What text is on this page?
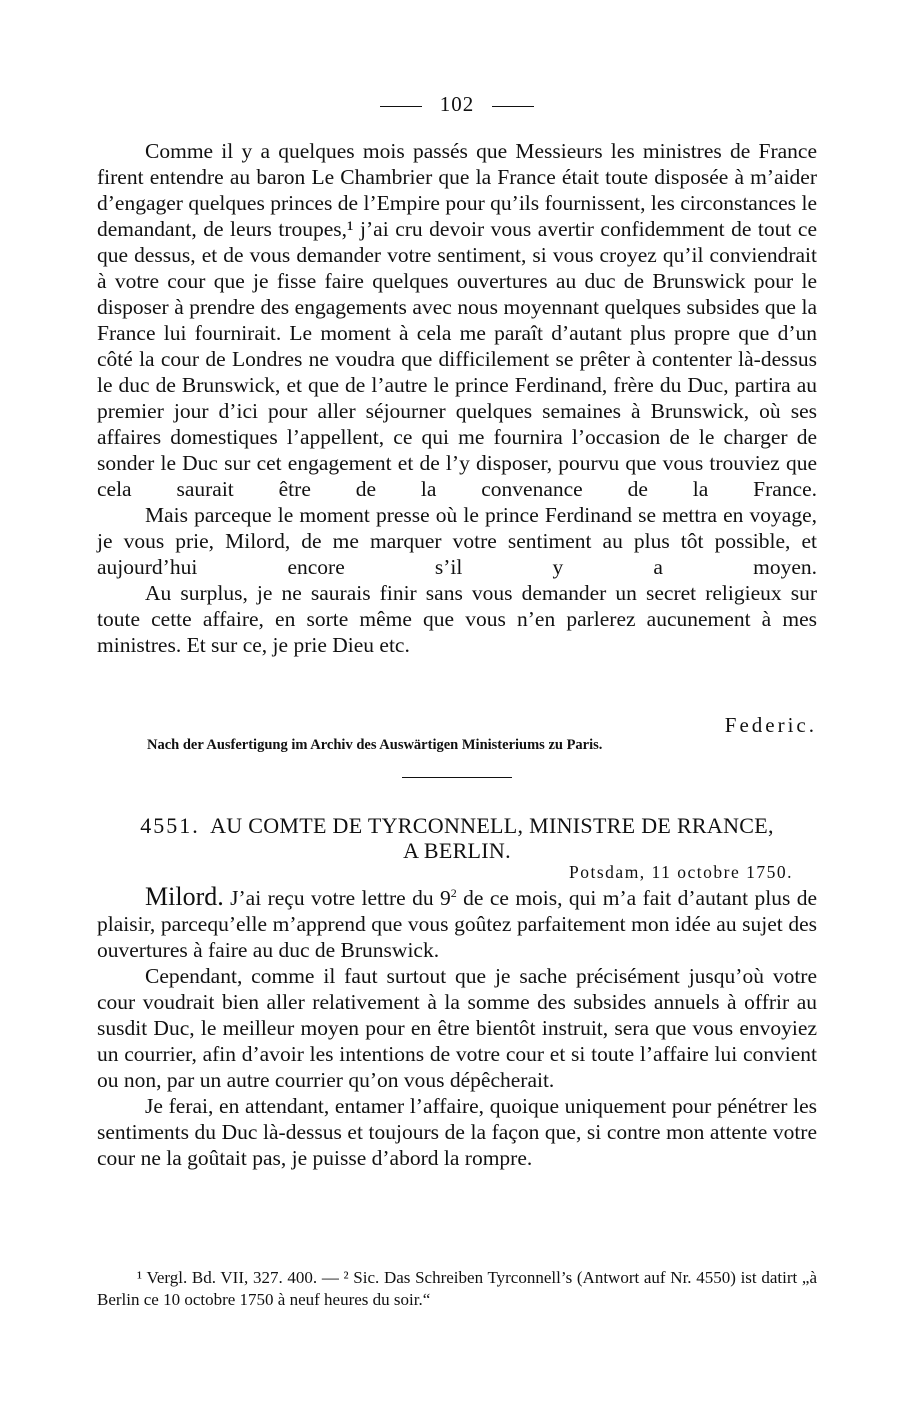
102

Comme il y a quelques mois passés que Messieurs les ministres de France firent entendre au baron Le Chambrier que la France était toute disposée à m’aider d’engager quelques princes de l’Empire pour qu’ils fournissent, les circonstances le demandant, de leurs troupes,¹ j’ai cru devoir vous avertir confidemment de tout ce que dessus, et de vous demander votre sentiment, si vous croyez qu’il conviendrait à votre cour que je fisse faire quelques ouvertures au duc de Brunswick pour le disposer à prendre des engagements avec nous moyennant quelques subsides que la France lui fournirait. Le moment à cela me paraît d’autant plus propre que d’un côté la cour de Londres ne voudra que difficilement se prêter à contenter là-dessus le duc de Brunswick, et que de l’autre le prince Ferdinand, frère du Duc, partira au premier jour d’ici pour aller séjourner quelques semaines à Brunswick, où ses affaires domestiques l’appellent, ce qui me fournira l’occasion de le charger de sonder le Duc sur cet engagement et de l’y disposer, pourvu que vous trouviez que cela saurait être de la convenance de la France.

Mais parceque le moment presse où le prince Ferdinand se mettra en voyage, je vous prie, Milord, de me marquer votre sentiment au plus tôt possible, et aujourd’hui encore s’il y a moyen.

Au surplus, je ne saurais finir sans vous demander un secret religieux sur toute cette affaire, en sorte même que vous n’en parlerez aucunement à mes ministres. Et sur ce, je prie Dieu etc.

Federic.
Nach der Ausfertigung im Archiv des Auswärtigen Ministeriums zu Paris.
4551. AU COMTE DE TYRCONNELL, MINISTRE DE RRANCE,
A BERLIN.
Potsdam, 11 octobre 1750.

Milord. J’ai reçu votre lettre du $9^2$ de ce mois, qui m’a fait d’autant plus de plaisir, parcequ’elle m’apprend que vous goûtez parfaitement mon idée au sujet des ouvertures à faire au duc de Brunswick.

Cependant, comme il faut surtout que je sache précisément jusqu’où votre cour voudrait bien aller relativement à la somme des subsides annuels à offrir au susdit Duc, le meilleur moyen pour en être bientôt instruit, sera que vous envoyiez un courrier, afin d’avoir les intentions de votre cour et si toute l’affaire lui convient ou non, par un autre courrier qu’on vous dépêcherait.

Je ferai, en attendant, entamer l’affaire, quoique uniquement pour pénétrer les sentiments du Duc là-dessus et toujours de la façon que, si contre mon attente votre cour ne la goûtait pas, je puisse d’abord la rompre.

¹ Vergl. Bd. VII, 327. 400. — ² Sic. Das Schreiben Tyrconnell’s (Antwort auf Nr. 4550) ist datirt „à Berlin ce 10 octobre 1750 à neuf heures du soir.“
